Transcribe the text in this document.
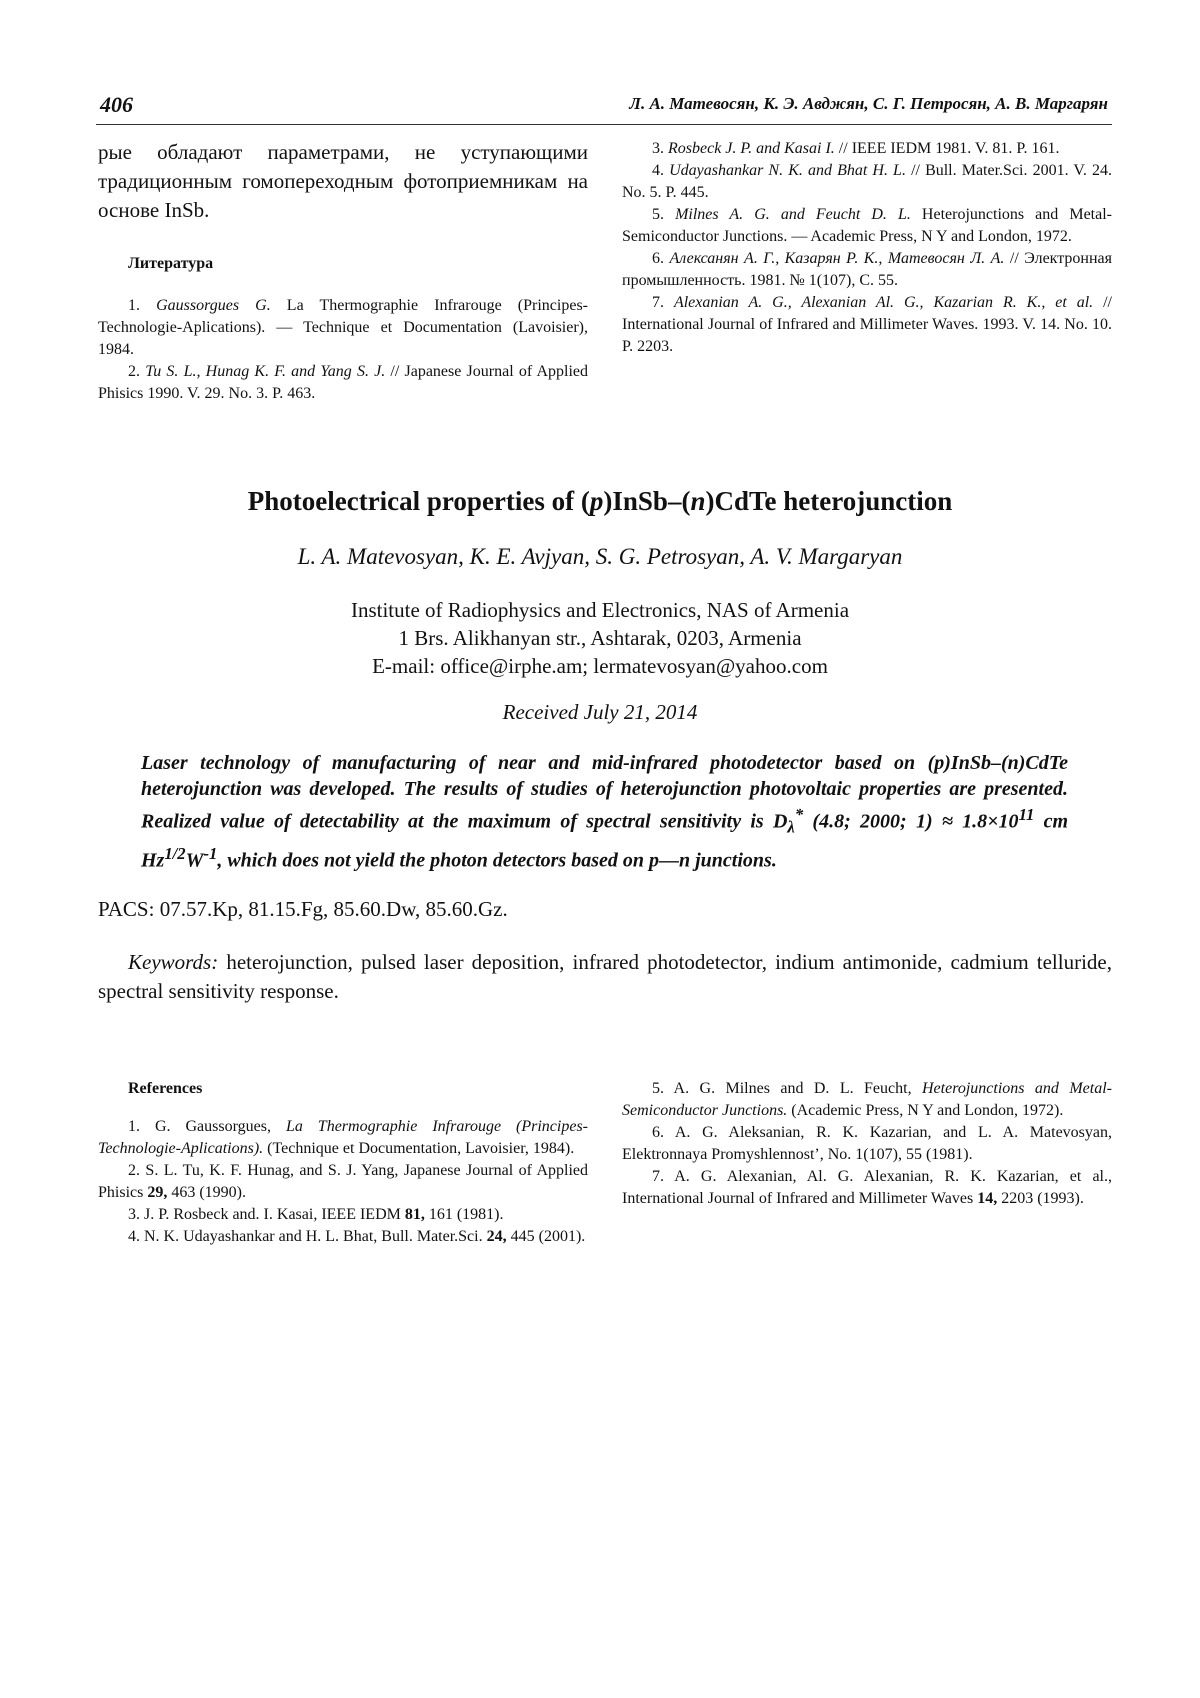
406	Л. А. Матевосян, К. Э. Авджян, С. Г. Петросян, А. В. Маргарян

рые обладают параметрами, не уступающими традиционным гомопереходным фотоприемникам на основе InSb.

Литература

1. Gaussorgues G. La Thermographie Infrarouge (Principes-Technologie-Aplications). — Technique et Documentation (Lavoisier), 1984.

2. Tu S. L., Hunag K. F. and Yang S. J. // Japanese Journal of Applied Phisics 1990. V. 29. No. 3. P. 463.

3. Rosbeck J. P. and Kasai I. // IEEE IEDM 1981. V. 81. P. 161.

4. Udayashankar N. K. and Bhat H. L. // Bull. Mater.Sci. 2001. V. 24. No. 5. P. 445.

5. Milnes A. G. and Feucht D. L. Heterojunctions and Metal-Semiconductor Junctions. — Academic Press, N Y and London, 1972.

6. Алексанян А. Г., Казарян Р. К., Матевосян Л. А. // Электронная промышленность. 1981. № 1(107), С. 55.

7. Alexanian A. G., Alexanian Al. G., Kazarian R. K., et al. // International Journal of Infrared and Millimeter Waves. 1993. V. 14. No. 10. P. 2203.

Photoelectrical properties of (p)InSb–(n)CdTe heterojunction
L. A. Matevosyan, K. E. Avjyan, S. G. Petrosyan, A. V. Margaryan
Institute of Radiophysics and Electronics, NAS of Armenia
1 Brs. Alikhanyan str., Ashtarak, 0203, Armenia
E-mail: office@irphe.am; lermatevosyan@yahoo.com
Received July 21, 2014
Laser technology of manufacturing of near and mid-infrared photodetector based on (p)InSb–(n)CdTe heterojunction was developed. The results of studies of heterojunction photovoltaic properties are presented. Realized value of detectability at the maximum of spectral sensitivity is $D_\lambda^*$ (4.8; 2000; $1) \approx 1.8\times 10^{11}$ cm $Hz^{1/2}W^{-1}$, which does not yield the photon detectors based on p—n junctions.
PACS: 07.57.Kp, 81.15.Fg, 85.60.Dw, 85.60.Gz.
Keywords: heterojunction, pulsed laser deposition, infrared photodetector, indium antimonide, cadmium telluride, spectral sensitivity response.

References

1. G. Gaussorgues, La Thermographie Infrarouge (Principes-Technologie-Aplications). (Technique et Documentation, Lavoisier, 1984).

2. S. L. Tu, K. F. Hunag, and S. J. Yang, Japanese Journal of Applied Phisics 29, 463 (1990).

3. J. P. Rosbeck and. I. Kasai, IEEE IEDM 81, 161 (1981).

4. N. K. Udayashankar and H. L. Bhat, Bull. Mater.Sci. 24, 445 (2001).

5. A. G. Milnes and D. L. Feucht, Heterojunctions and Metal-Semiconductor Junctions. (Academic Press, N Y and London, 1972).

6. A. G. Aleksanian, R. K. Kazarian, and L. A. Matevosyan, Elektronnaya Promyshlennost’, No. 1(107), 55 (1981).

7. A. G. Alexanian, Al. G. Alexanian, R. K. Kazarian, et al., International Journal of Infrared and Millimeter Waves 14, 2203 (1993).
